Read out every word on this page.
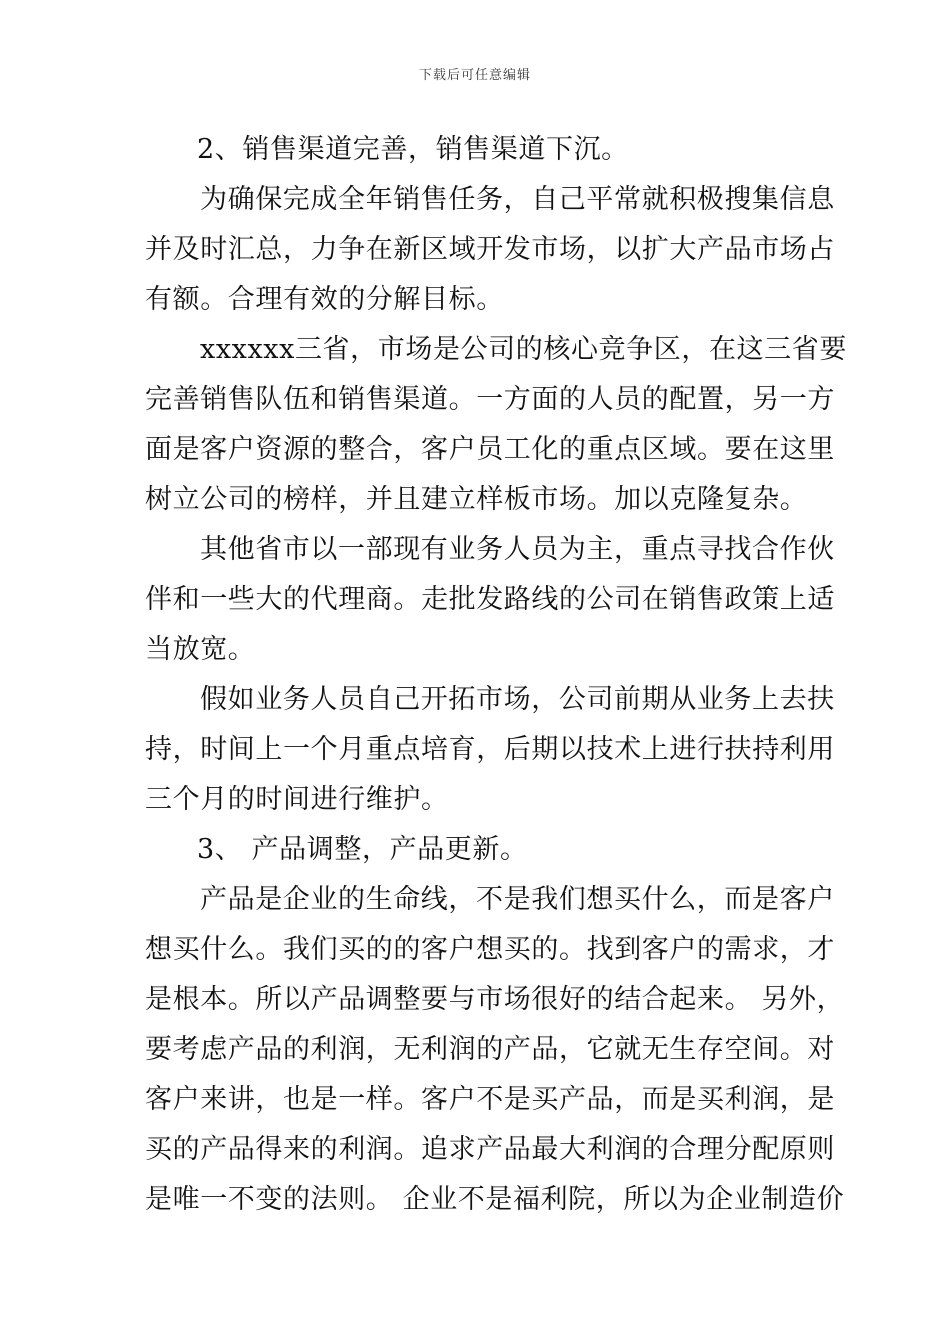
下载后可任意编辑
2、销售渠道完善，销售渠道下沉。
为确保完成全年销售任务，自己平常就积极搜集信息
并及时汇总，力争在新区域开发市场，以扩大产品市场占
有额。合理有效的分解目标。
xxxxxx三省，市场是公司的核心竞争区，在这三省要
完善销售队伍和销售渠道。一方面的人员的配置，另一方
面是客户资源的整合，客户员工化的重点区域。要在这里
树立公司的榜样，并且建立样板市场。加以克隆复杂。
其他省市以一部现有业务人员为主，重点寻找合作伙
伴和一些大的代理商。走批发路线的公司在销售政策上适
当放宽。
假如业务人员自己开拓市场，公司前期从业务上去扶
持，时间上一个月重点培育，后期以技术上进行扶持利用
三个月的时间进行维护。
3、 产品调整，产品更新。
产品是企业的生命线，不是我们想买什么，而是客户
想买什么。我们买的的客户想买的。找到客户的需求，才
是根本。所以产品调整要与市场很好的结合起来。 另外，
要考虑产品的利润，无利润的产品，它就无生存空间。对
客户来讲，也是一样。客户不是买产品，而是买利润，是
买的产品得来的利润。追求产品最大利润的合理分配原则
是唯一不变的法则。 企业不是福利院，所以为企业制造价
